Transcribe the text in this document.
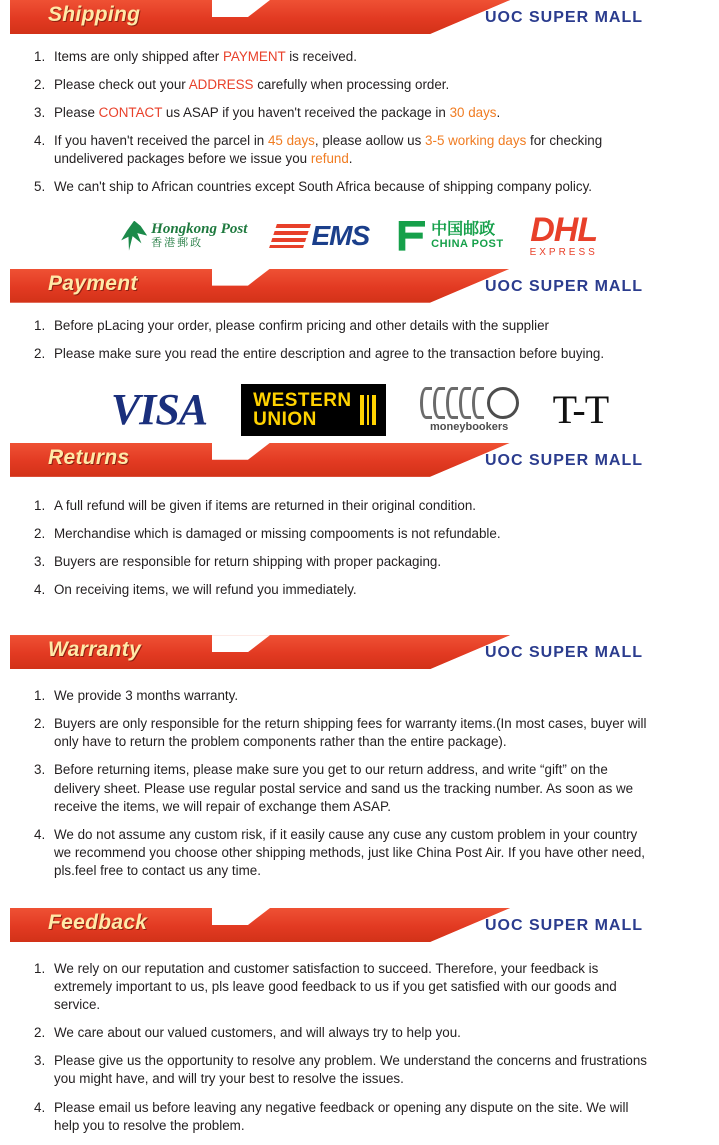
Shipping	UOC SUPER MALL
Items are only shipped after PAYMENT is received.
Please check out your ADDRESS carefully when processing order.
Please CONTACT us ASAP if you haven't received the package in 30 days.
If you haven't received the parcel in 45 days, please aollow us 3-5 working days for checking undelivered packages before we issue you refund.
We can't ship to African countries except South Africa because of shipping company policy.
Hongkong Post
香港郵政	EMS	中国邮政
CHINA POST DHL
EXPRESS
Payment	UOC SUPER MALL
Before pLacing your order, please confirm pricing and other details with the supplier
Please make sure you read the entire description and agree to the transaction before buying.
VISA WESTERN
UNION	moneybookers T-T
Returns	UOC SUPER MALL
A full refund will be given if items are returned in their original condition.
Merchandise which is damaged or missing compooments is not refundable.
Buyers are responsible for return shipping with proper packaging.
On receiving items, we will refund you immediately.
Warranty	UOC SUPER MALL
We provide 3 months warranty.
Buyers are only responsible for the return shipping fees for warranty items.(In most cases, buyer will only have to return the problem components rather than the entire package).
Before returning items, please make sure you get to our return address, and write “gift” on the delivery sheet. Please use regular postal service and sand us the tracking number. As soon as we receive the items, we will repair of exchange them ASAP.
We do not assume any custom risk, if it easily cause any cuse any custom problem in your country we recommend you choose other shipping methods, just like China Post Air. If you have other need, pls.feel free to contact us any time.
Feedback	UOC SUPER MALL
We rely on our reputation and customer satisfaction to succeed. Therefore, your feedback is extremely important to us, pls leave good feedback to us if you get satisfied with our goods and service.
We care about our valued customers, and will always try to help you.
Please give us the opportunity to resolve any problem. We understand the concerns and frustrations you might have, and will try your best to resolve the issues.
Please email us before leaving any negative feedback or opening any dispute on the site. We will help you to resolve the problem.
